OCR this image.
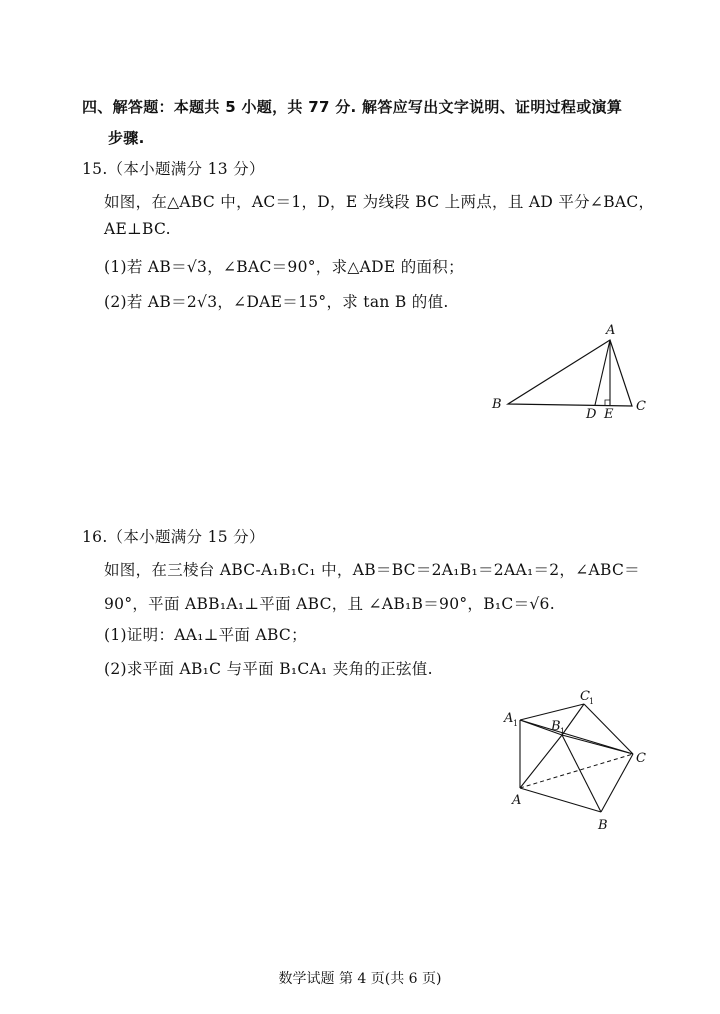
四、解答题：本题共 5 小题，共 77 分. 解答应写出文字说明、证明过程或演算
步骤.
15.（本小题满分 13 分）
如图，在△ABC 中，AC＝1，D，E 为线段 BC 上两点，且 AD 平分∠BAC，
AE⊥BC.
(1)若 AB＝√3，∠BAC＝90°，求△ADE 的面积；
(2)若 AB＝2√3，∠DAE＝15°，求 tan B 的值.
A
B	C
D E
16.（本小题满分 15 分）
如图，在三棱台 ABC-A₁B₁C₁ 中，AB＝BC＝2A₁B₁＝2AA₁＝2，∠ABC＝
90°，平面 ABB₁A₁⊥平面 ABC，且 ∠AB₁B＝90°，B₁C＝√6.
(1)证明：AA₁⊥平面 ABC；
(2)求平面 AB₁C 与平面 B₁CA₁ 夹角的正弦值.
A 1	B 1
C 1
C
A
B
数学试题 第 4 页(共 6 页)
